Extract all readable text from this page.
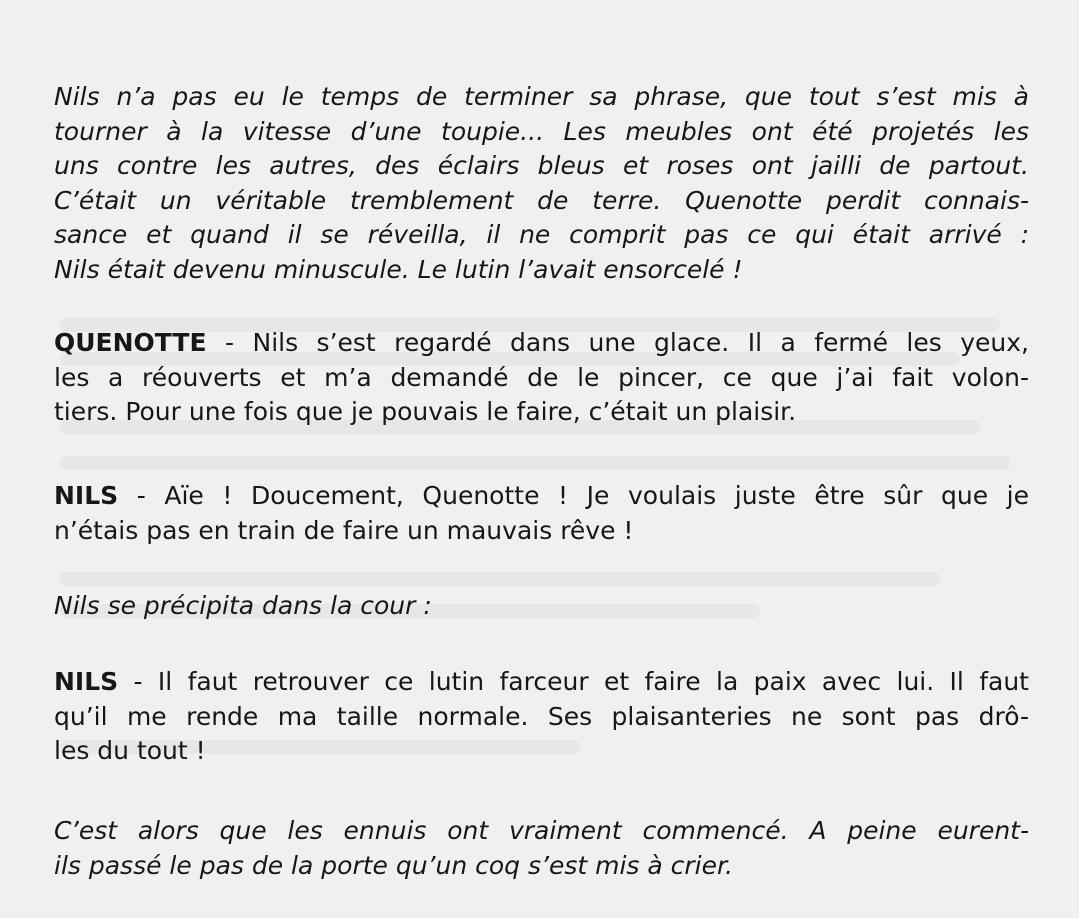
Nils n’a pas eu le temps de terminer sa phrase, que tout s’est mis à
tourner à la vitesse d’une toupie... Les meubles ont été projetés les
uns contre les autres, des éclairs bleus et roses ont jailli de partout.
C’était un véritable tremblement de terre. Quenotte perdit connais-
sance et quand il se réveilla, il ne comprit pas ce qui était arrivé :
Nils était devenu minuscule. Le lutin l’avait ensorcelé !

QUENOTTE - Nils s’est regardé dans une glace. Il a fermé les yeux,
les a réouverts et m’a demandé de le pincer, ce que j’ai fait volon-
tiers. Pour une fois que je pouvais le faire, c’était un plaisir.

NILS - Aïe ! Doucement, Quenotte ! Je voulais juste être sûr que je
n’étais pas en train de faire un mauvais rêve !

Nils se précipita dans la cour :

NILS - Il faut retrouver ce lutin farceur et faire la paix avec lui. Il faut
qu’il me rende ma taille normale. Ses plaisanteries ne sont pas drô-
les du tout !

C’est alors que les ennuis ont vraiment commencé. A peine eurent-
ils passé le pas de la porte qu’un coq s’est mis à crier.
